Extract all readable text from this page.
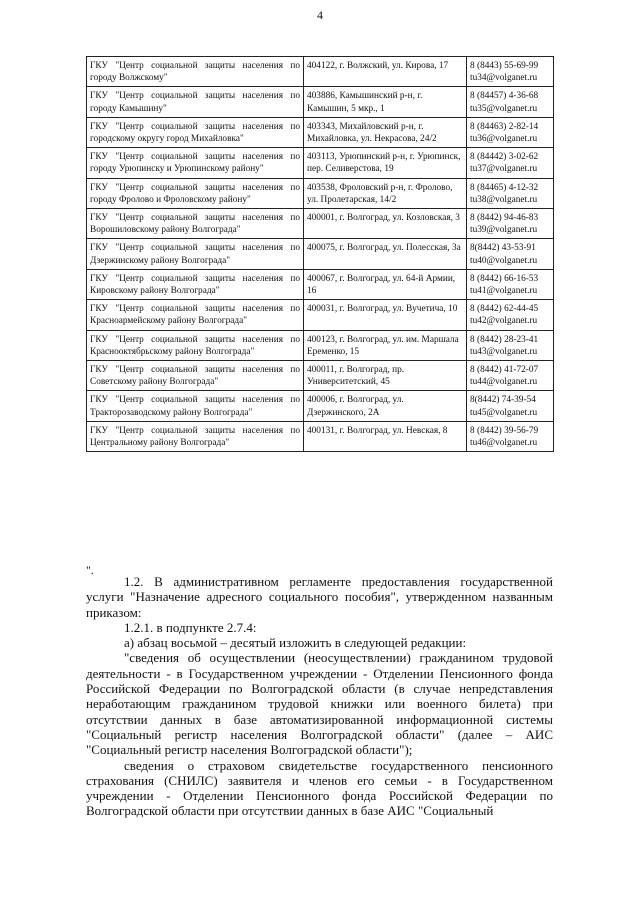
4
ГКУ "Центр социальной защиты населения по городу Волжскому"	404122, г. Волжский, ул. Кирова, 17	8 (8443) 55-69-99
tu34@volganet.ru

ГКУ "Центр социальной защиты населения по городу Камышину"	403886, Камышинский р-н, г. Камышин, 5 мкр., 1	8 (84457) 4-36-68
tu35@volganet.ru

ГКУ "Центр социальной защиты населения по городскому округу город Михайловка"	403343, Михайловский р-н, г. Михайловка, ул. Некрасова, 24/2	8 (84463) 2-82-14
tu36@volganet.ru

ГКУ "Центр социальной защиты населения по городу Урюпинску и Урюпинскому району"	403113, Урюпинский р-н, г. Урюпинск, пер. Селиверстова, 19	8 (84442) 3-02-62
tu37@volganet.ru

ГКУ "Центр социальной защиты населения по городу Фролово и Фроловскому району"	403538, Фроловский р-н, г. Фролово, ул. Пролетарская, 14/2	8 (84465) 4-12-32
tu38@volganet.ru

ГКУ "Центр социальной защиты населения по Ворошиловскому району Волгограда"	400001, г. Волгоград, ул. Козловская, 3	8 (8442) 94-46-83
tu39@volganet.ru

ГКУ "Центр социальной защиты населения по Дзержинскому району Волгограда"	400075, г. Волгоград, ул. Полесская, 3а	8(8442) 43-53-91
tu40@volganet.ru

ГКУ "Центр социальной защиты населения по Кировскому району Волгограда"	400067, г. Волгоград, ул. 64-й Армии, 16	8 (8442) 66-16-53
tu41@volganet.ru

ГКУ "Центр социальной защиты населения по Красноармейскому району Волгограда"	400031, г. Волгоград, ул. Вучетича, 10	8 (8442) 62-44-45
tu42@volganet.ru

ГКУ "Центр социальной защиты населения по Краснооктябрьскому району Волгограда"	400123, г. Волгоград, ул. им. Маршала Еременко, 15	8 (8442) 28-23-41
tu43@volganet.ru

ГКУ "Центр социальной защиты населения по Советскому району Волгограда"	400011, г. Волгоград, пр. Университетский, 45	8 (8442) 41-72-07
tu44@volganet.ru

ГКУ "Центр социальной защиты населения по Тракторозаводскому району Волгограда"	400006, г. Волгоград, ул. Дзержинского, 2А	8(8442) 74-39-54
tu45@volganet.ru

ГКУ "Центр социальной защиты населения по Центральному району Волгограда"	400131, г. Волгоград, ул. Невская, 8	8 (8442) 39-56-79
tu46@volganet.ru
".

1.2. В административном регламенте предоставления государственной услуги "Назначение адресного социального пособия", утвержденном названным приказом:

1.2.1. в подпункте 2.7.4:

а) абзац восьмой – десятый изложить в следующей редакции:

"сведения об осуществлении (неосуществлении) гражданином трудовой деятельности - в Государственном учреждении - Отделении Пенсионного фонда Российской Федерации по Волгоградской области (в случае непредставления неработающим гражданином трудовой книжки или военного билета) при отсутствии данных в базе автоматизированной информационной системы "Социальный регистр населения Волгоградской области" (далее – АИС "Социальный регистр населения Волгоградской области");

сведения о страховом свидетельстве государственного пенсионного страхования (СНИЛС) заявителя и членов его семьи - в Государственном учреждении - Отделении Пенсионного фонда Российской Федерации по Волгоградской области при отсутствии данных в базе АИС "Социальный
